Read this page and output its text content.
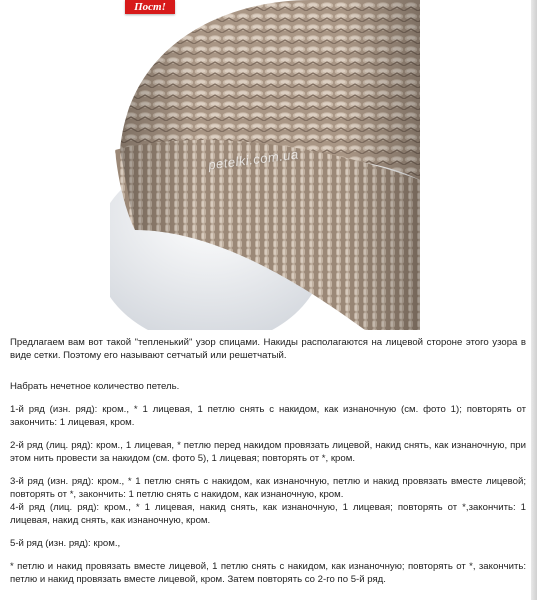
petelki.com.ua
Пост!

Предлагаем вам вот такой "тепленький" узор спицами. Накиды располагаются на лицевой стороне этого узора в виде сетки. Поэтому его называют сетчатый или решетчатый.

Набрать нечетное количество петель.

1-й ряд (изн. ряд): кром., * 1 лицевая, 1 петлю снять с накидом, как изнаночную (см. фото 1); повторять от закончить: 1 лицевая, кром.

2-й ряд (лиц. ряд): кром., 1 лицевая, * петлю перед накидом провязать лицевой, накид снять, как изнаночную, при этом нить провести за накидом (см. фото 5), 1 лицевая; повторять от *, кром.

3-й ряд (изн. ряд): кром., * 1 петлю снять с накидом, как изнаночную, петлю и накид провязать вместе лицевой; повторять от *, закончить: 1 петлю снять с накидом, как изнаночную, кром.

4-й ряд (лиц. ряд): кром., * 1 лицевая, накид снять, как изнаночную, 1 лицевая; повторять от *,закончить: 1 лицевая, накид снять, как изнаночную, кром.

5-й ряд (изн. ряд): кром.,

* петлю и накид провязать вместе лицевой, 1 петлю снять с накидом, как изнаночную; повторять от *, закончить: петлю и накид провязать вместе лицевой, кром. Затем повторять со 2-го по 5-й ряд.
